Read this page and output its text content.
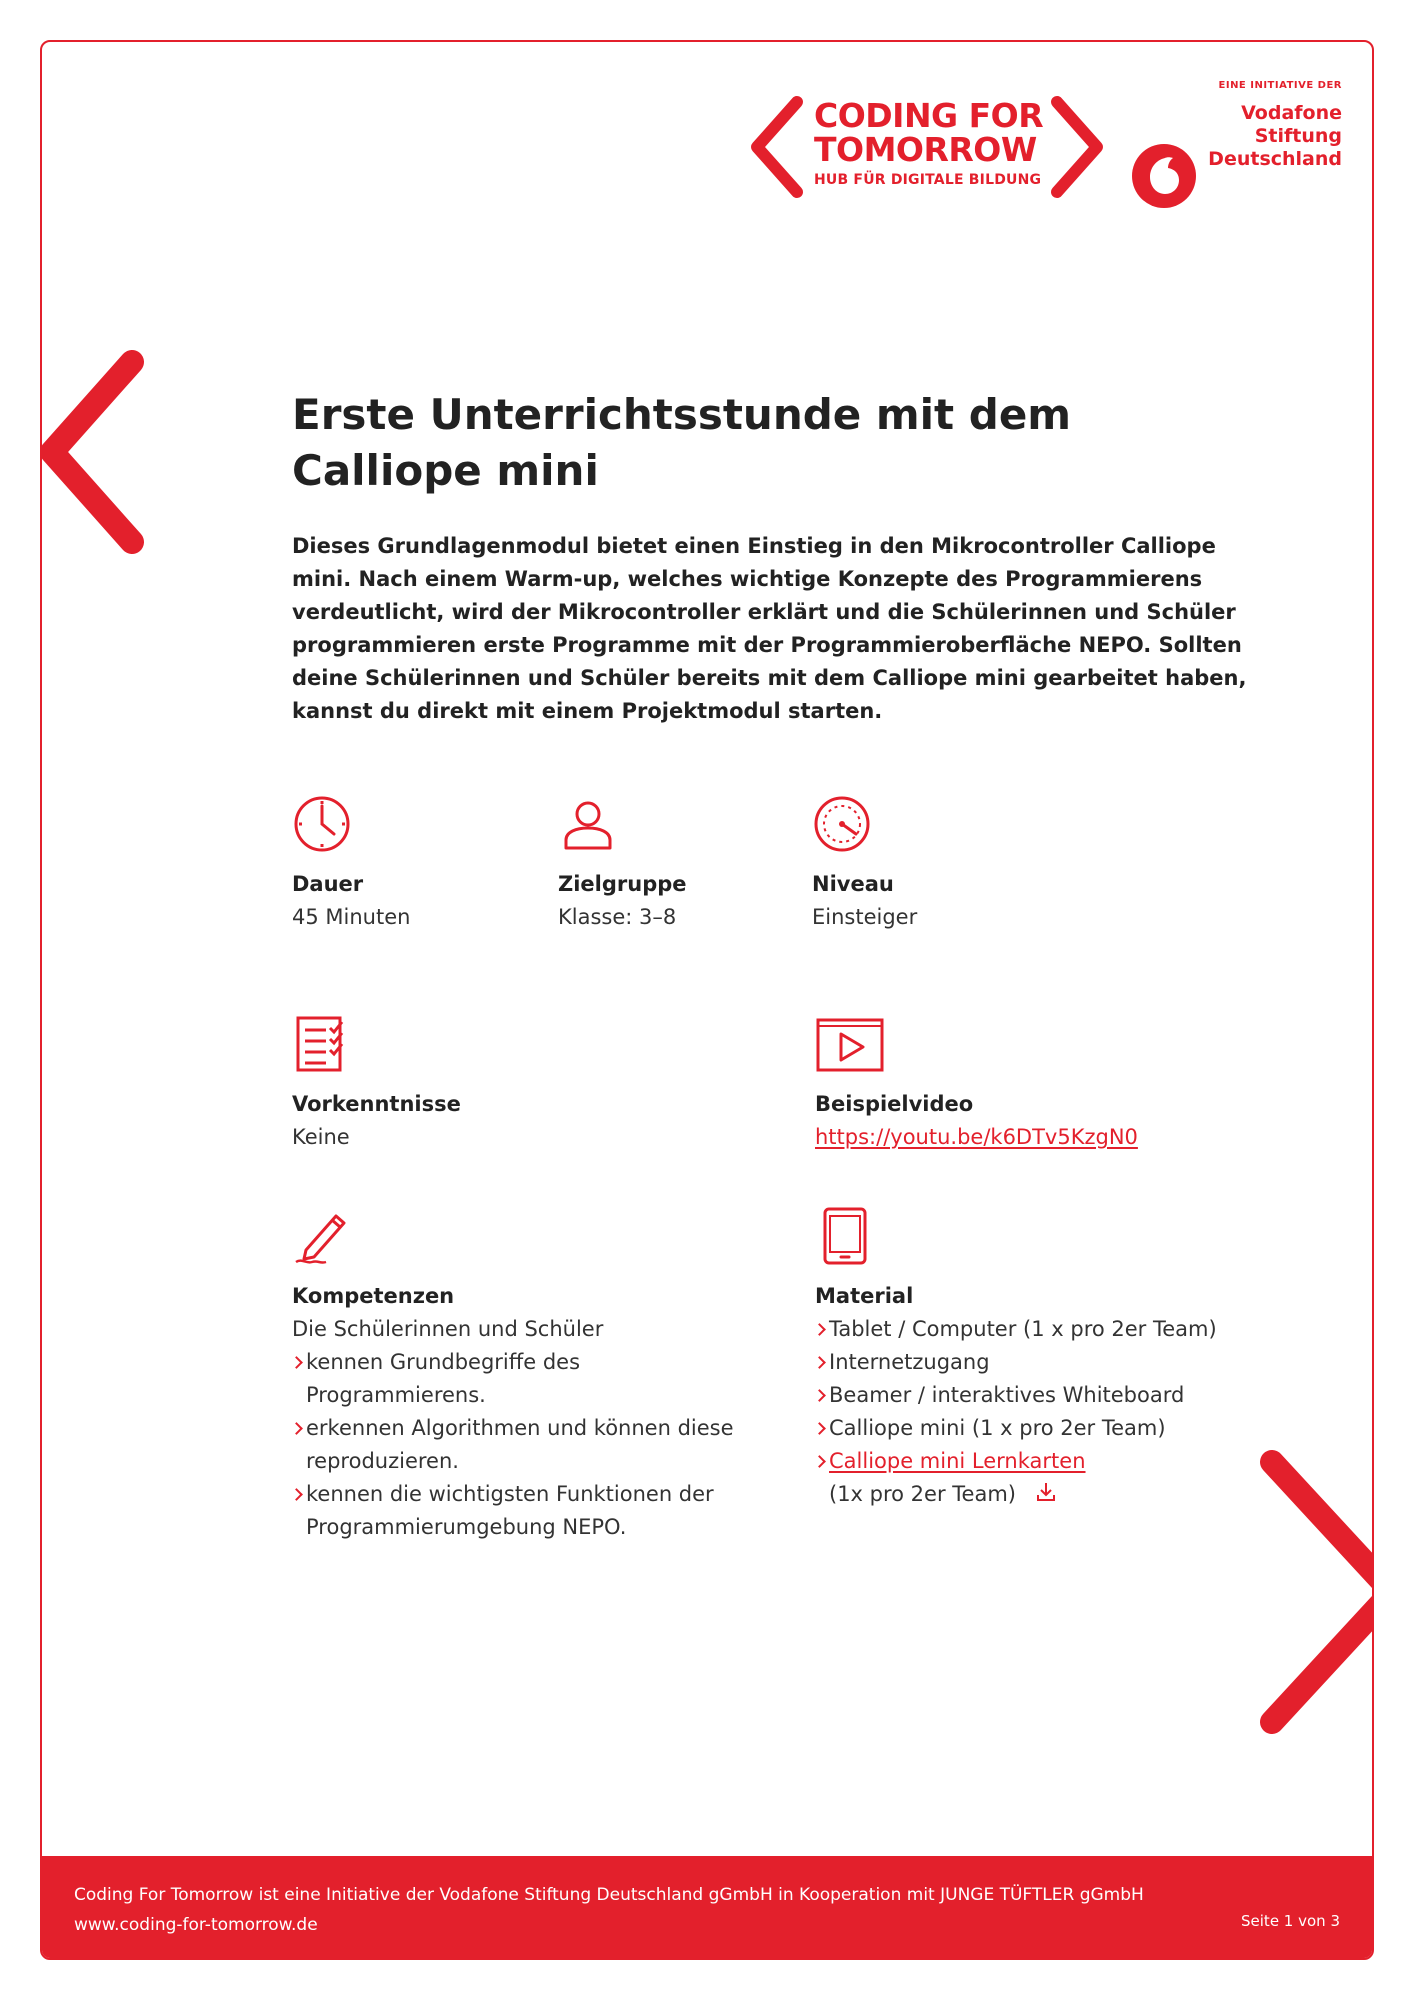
CODING FOR
TOMORROW
HUB FÜR DIGITALE BILDUNG
EINE INITIATIVE DER
Vodafone
Stiftung
Deutschland
Erste Unterrichtsstunde mit dem Calliope mini

Dieses Grundlagenmodul bietet einen Einstieg in den Mikrocontroller Calliope mini. Nach einem Warm-up, welches wichtige Konzepte des Programmierens verdeutlicht, wird der Mikrocontroller erklärt und die Schülerinnen und Schüler programmieren erste Programme mit der Programmieroberfläche NEPO. Sollten deine Schülerinnen und Schüler bereits mit dem Calliope mini gearbeitet haben, kannst du direkt mit einem Projektmodul starten.

Dauer
45 Minuten
Zielgruppe
Klasse: 3–8
Niveau
Einsteiger
Vorkenntnisse
Keine
Beispielvideo
https://youtu.be/k6DTv5KzgN0
Kompetenzen
Die Schülerinnen und Schüler
kennen Grundbegriffe des Programmierens.
erkennen Algorithmen und können diese reproduzieren.
kennen die wichtigsten Funktionen der Programmierumgebung NEPO.
Material
Tablet / Computer (1 x pro 2er Team)
Internetzugang
Beamer / interaktives Whiteboard
Calliope mini (1 x pro 2er Team)
Calliope mini Lernkarten
(1x pro 2er Team)
Coding For Tomorrow ist eine Initiative der Vodafone Stiftung Deutschland gGmbH in Kooperation mit JUNGE TÜFTLER gGmbH
www.coding-for-tomorrow.de	Seite 1 von 3
